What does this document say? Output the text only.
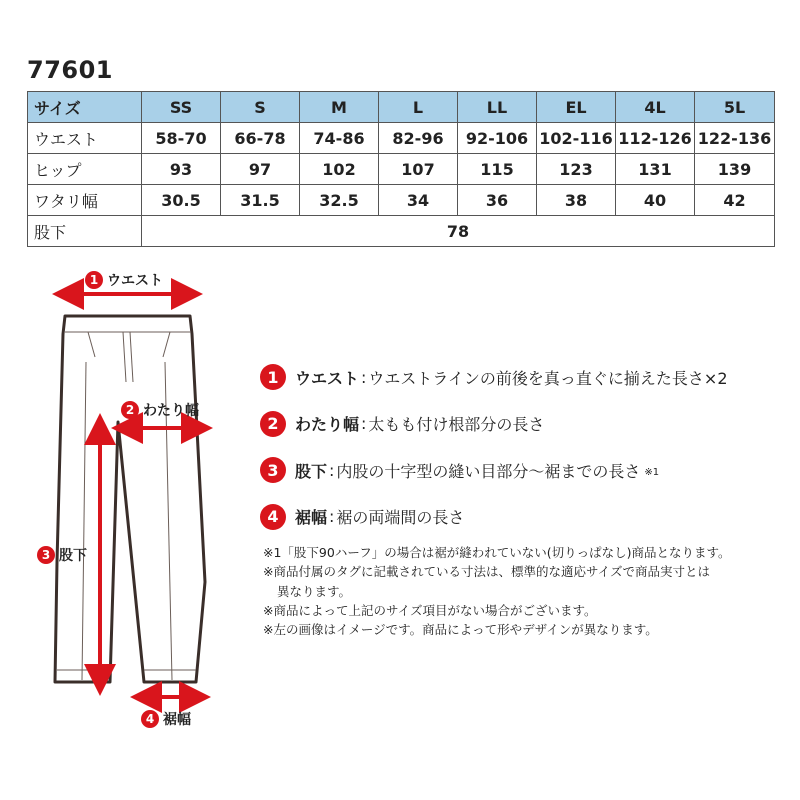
77601
サイズ	SS	S	M	L	LL	EL	4L	5L
ウエスト	58-70	66-78	74-86	82-96	92-106	102-116	112-126	122-136
ヒップ	93	97	102	107	115	123	131	139
ワタリ幅	30.5	31.5	32.5	34	36	38	40	42
股下	78							
1 ウエスト
2 わたり幅
3 股下
4 裾幅
1	ウエスト : ウエストラインの前後を真っ直ぐに揃えた長さ×2
2	わたり幅 : 太もも付け根部分の長さ
3	股下 : 内股の十字型の縫い目部分～裾までの長さ ※1
4	裾幅 : 裾の両端間の長さ

※1「股下90ハーフ」の場合は裾が縫われていない(切りっぱなし)商品となります。

※商品付属のタグに記載されている寸法は、標準的な適応サイズで商品実寸とは

異なります。

※商品によって上記のサイズ項目がない場合がございます。

※左の画像はイメージです。商品によって形やデザインが異なります。
